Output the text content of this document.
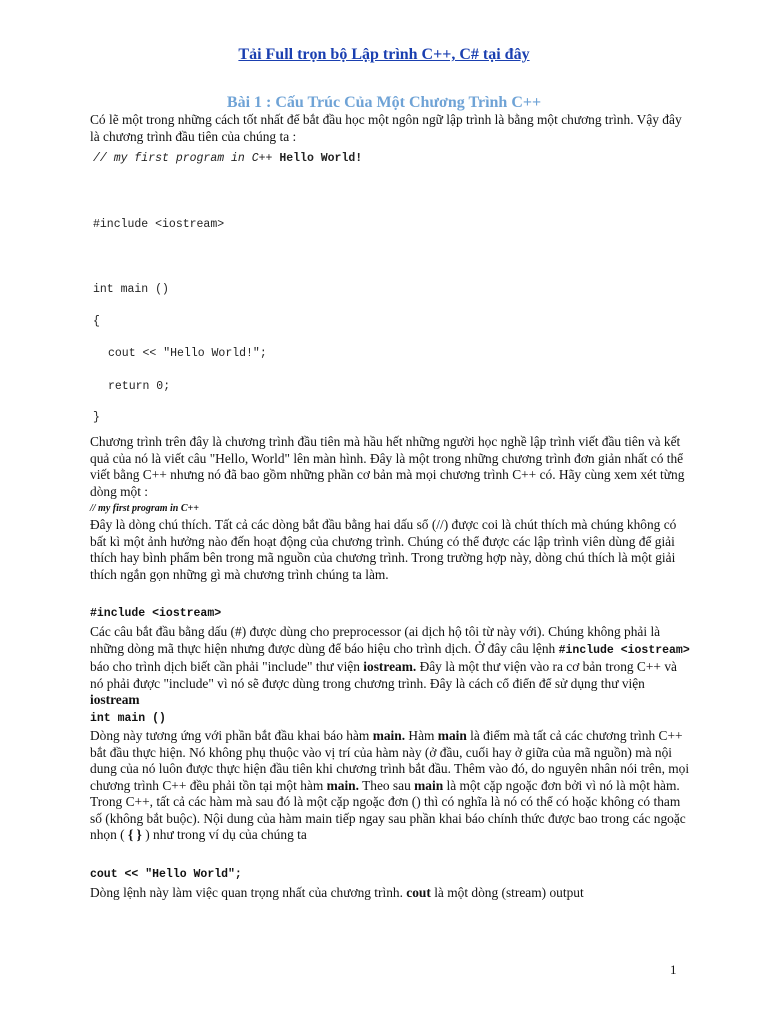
Tải Full trọn bộ Lập trình C++, C# tại đây
Bài 1 : Cấu Trúc Của Một Chương Trình C++

Có lẽ một trong những cách tốt nhất để bắt đầu học một ngôn ngữ lập trình là bằng một chương trình. Vậy đây là chương trình đầu tiên của chúng ta :

// my first program in C++ Hello World!
#include <iostream>
int main ()
{
cout << "Hello World!";
return 0;
}

Chương trình trên đây là chương trình đầu tiên mà hầu hết những người học nghề lập trình viết đầu tiên và kết quả của nó là viết câu "Hello, World" lên màn hình. Đây là một trong những chương trình đơn giản nhất có thể viết bằng C++ nhưng nó đã bao gồm những phần cơ bản mà mọi chương trình C++ có. Hãy cùng xem xét từng dòng một :

// my first program in C++

Đây là dòng chú thích. Tất cả các dòng bắt đầu bằng hai dấu sổ (//) được coi là chút thích mà chúng không có bất kì một ảnh hưởng nào đến hoạt động của chương trình. Chúng có thể được các lập trình viên dùng để giải thích hay bình phẩm bên trong mã nguồn của chương trình. Trong trường hợp này, dòng chú thích là một giải thích ngắn gọn những gì mà chương trình chúng ta làm.

#include <iostream>

Các câu bắt đầu bằng dấu (#) được dùng cho preprocessor (ai dịch hộ tôi từ này với). Chúng không phải là những dòng mã thực hiện nhưng được dùng để báo hiệu cho trình dịch. Ở đây câu lệnh #include <iostream> báo cho trình dịch biết cần phải "include" thư viện iostream. Đây là một thư viện vào ra cơ bản trong C++ và nó phải được "include" vì nó sẽ được dùng trong chương trình. Đây là cách cổ điển để sử dụng thư viện iostream

int main ()

Dòng này tương ứng với phần bắt đầu khai báo hàm main. Hàm main là điểm mà tất cả các chương trình C++ bắt đầu thực hiện. Nó không phụ thuộc vào vị trí của hàm này (ở đầu, cuối hay ở giữa của mã nguồn) mà nội dung của nó luôn được thực hiện đầu tiên khi chương trình bắt đầu. Thêm vào đó, do nguyên nhân nói trên, mọi chương trình C++ đều phải tồn tại một hàm main. Theo sau main là một cặp ngoặc đơn bởi vì nó là một hàm. Trong C++, tất cả các hàm mà sau đó là một cặp ngoặc đơn () thì có nghĩa là nó có thể có hoặc không có tham số (không bắt buộc). Nội dung của hàm main tiếp ngay sau phần khai báo chính thức được bao trong các ngoặc nhọn ( { } ) như trong ví dụ của chúng ta

cout << "Hello World";

Dòng lệnh này làm việc quan trọng nhất của chương trình. cout là một dòng (stream) output

1
